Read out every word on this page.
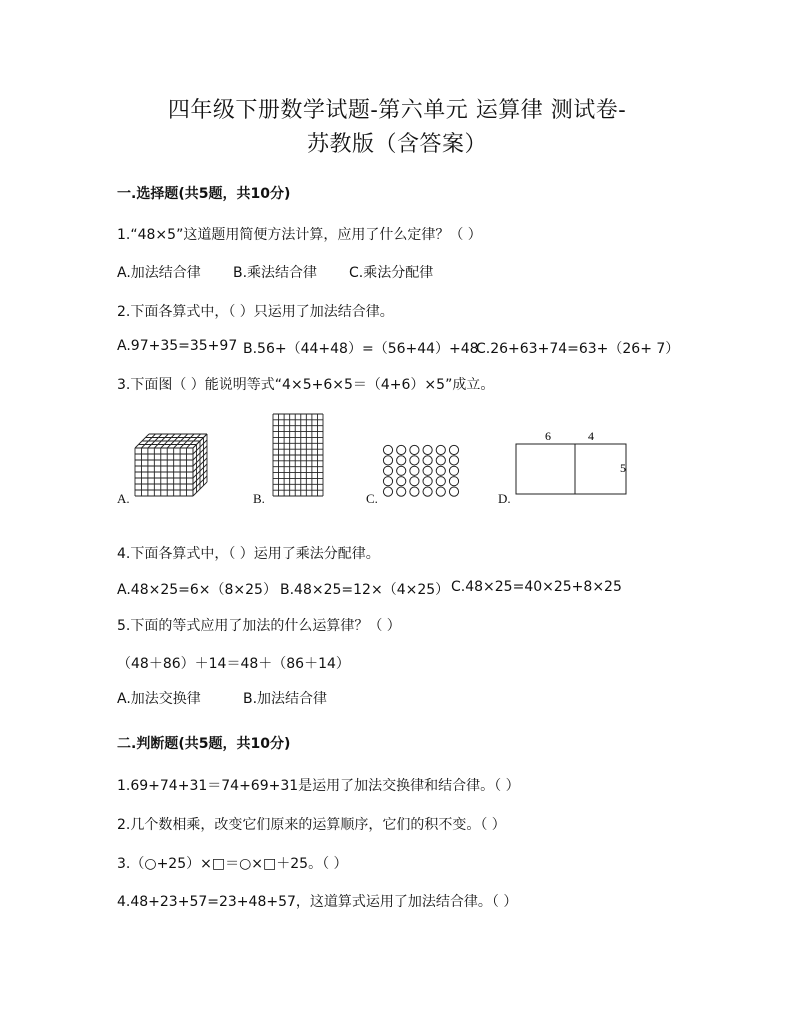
四年级下册数学试题-第六单元 运算律 测试卷-
苏教版（含答案）
一.选择题(共5题，共10分)
1.“48×5”这道题用简便方法计算，应用了什么定律？（ ）
A.加法结合律 B.乘法结合律 C.乘法分配律
2.下面各算式中，（ ）只运用了加法结合律。
A.97+35=35+97 B.56+（44+48）=（56+44）+48
C.26+63+74=63+（26+ 7）
3.下面图（ ）能说明等式“4×5+6×5＝（4+6）×5”成立。
A.	B.	C.
6	4
5
D.
4.下面各算式中，（ ）运用了乘法分配律。
A.48×25=6×（8×25） B.48×25=12×（4×25） C.48×25=40×25+8×25
5.下面的等式应用了加法的什么运算律？（ ）
（48＋86）＋14＝48＋（86＋14）
A.加法交换律	B.加法结合律
二.判断题(共5题，共10分)
1.69+74+31＝74+69+31是运用了加法交换律和结合律。（ ）
2.几个数相乘，改变它们原来的运算顺序，它们的积不变。（ ）
3.（○+25）×□＝○×□＋25。（ ）
4.48+23+57=23+48+57，这道算式运用了加法结合律。（ ）
